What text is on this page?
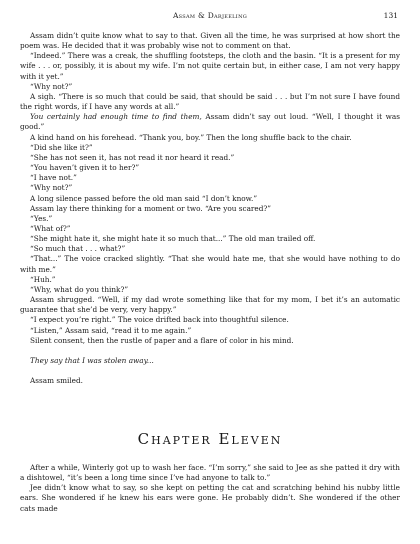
Assam & Darjeeling	131

Assam didn’t quite know what to say to that. Given all the time, he was surprised at how short the poem was. He decided that it was probably wise not to comment on that.

“Indeed.” There was a creak, the shuffling footsteps, the cloth and the basin. “It is a present for my wife . . . or, possibly, it is about my wife. I’m not quite certain but, in either case, I am not very happy with it yet.”

“Why not?”

A sigh. “There is so much that could be said, that should be said . . . but I’m not sure I have found the right words, if I have any words at all.”

You certainly had enough time to find them, Assam didn’t say out loud. “Well, I thought it was good.”

A kind hand on his forehead. “Thank you, boy.” Then the long shuffle back to the chair.

“Did she like it?”

“She has not seen it, has not read it nor heard it read.”

“You haven’t given it to her?”

“I have not.”

“Why not?”

A long silence passed before the old man said “I don’t know.”

Assam lay there thinking for a moment or two. “Are you scared?”

“Yes.”

“What of?”

“She might hate it, she might hate it so much that...” The old man trailed off.

“So much that . . . what?”

“That...” The voice cracked slightly. “That she would hate me, that she would have nothing to do with me.”

“Huh.”

“Why, what do you think?”

Assam shrugged. “Well, if my dad wrote something like that for my mom, I bet it’s an automatic guarantee that she’d be very, very happy.”

“I expect you’re right.” The voice drifted back into thoughtful silence.

“Listen,” Assam said, “read it to me again.”

Silent consent, then the rustle of paper and a flare of color in his mind.

They say that I was stolen away...

Assam smiled.

Chapter Eleven

After a while, Winterly got up to wash her face. “I’m sorry,” she said to Jee as she patted it dry with a dishtowel, “it’s been a long time since I’ve had anyone to talk to.”

Jee didn’t know what to say, so she kept on petting the cat and scratching behind his nubby little ears. She wondered if he knew his ears were gone. He probably didn’t. She wondered if the other cats made
